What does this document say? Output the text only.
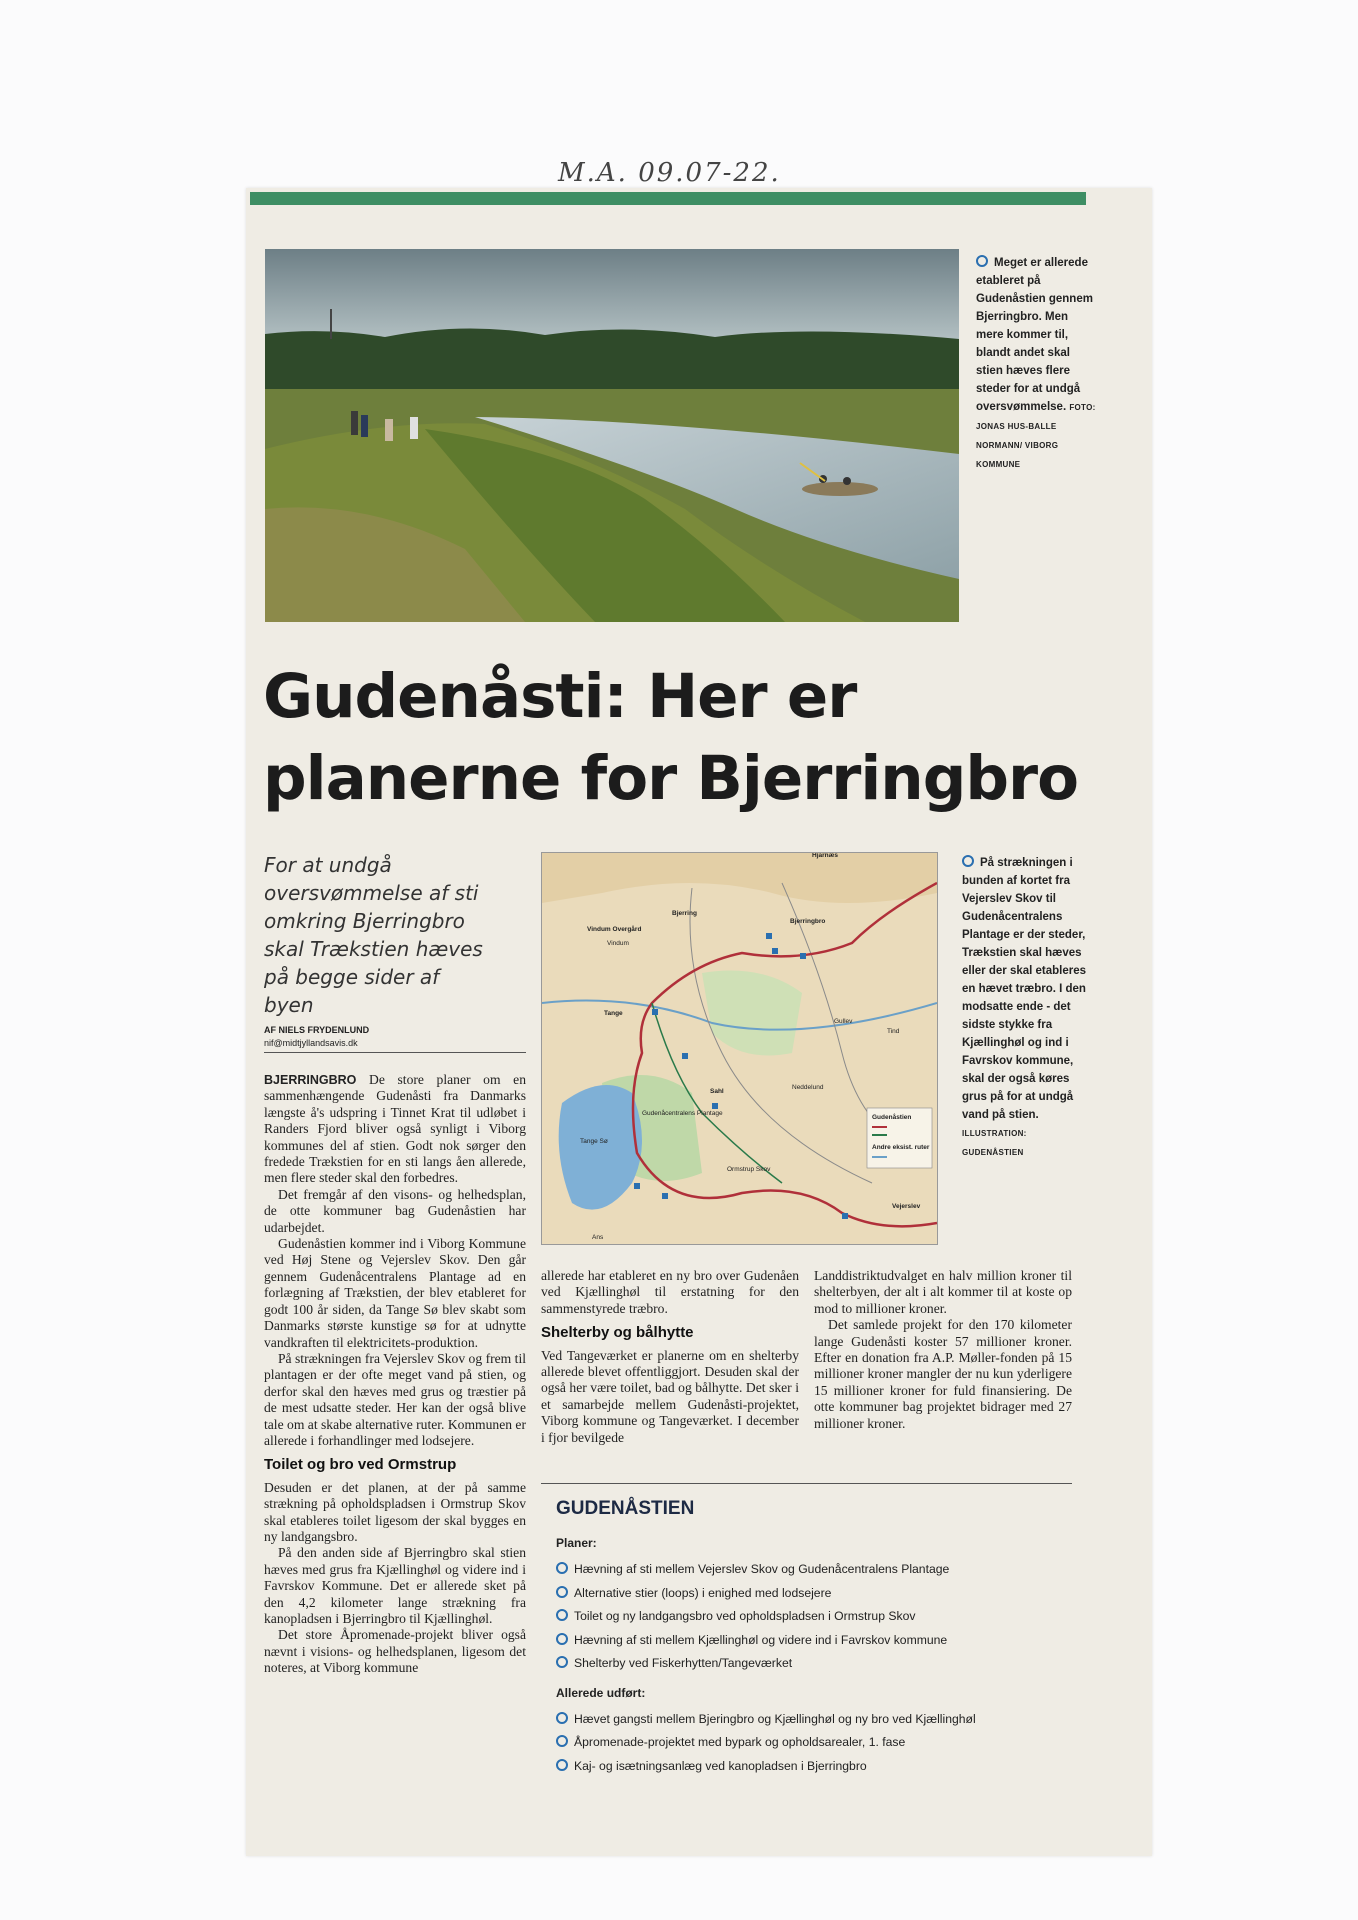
M.A. 09.07-22.
Meget er allerede etableret på Gudenåstien gennem Bjerringbro. Men mere kommer til, blandt andet skal stien hæves flere steder for at undgå oversvømmelse. FOTO: JONAS HUS-BALLE NORMANN/ VIBORG KOMMUNE
Gudenåsti: Her er
planerne for Bjerringbro
For at undgå oversvømmelse af sti omkring Bjerringbro skal Trækstien hæves på begge sider af byen
AF NIELS FRYDENLUND
nif@midtjyllandsavis.dk

BJERRINGBRO De store planer om en sammenhængende Gudenåsti fra Danmarks længste å's udspring i Tinnet Krat til udløbet i Randers Fjord bliver også synligt i Viborg kommunes del af stien. Godt nok sørger den fredede Trækstien for en sti langs åen allerede, men flere steder skal den forbedres.

Det fremgår af den visons- og helhedsplan, de otte kommuner bag Gudenåstien har udarbejdet.

Gudenåstien kommer ind i Viborg Kommune ved Høj Stene og Vejerslev Skov. Den går gennem Gudenåcentralens Plantage ad en forlægning af Trækstien, der blev etableret for godt 100 år siden, da Tange Sø blev skabt som Danmarks største kunstige sø for at udnytte vandkraften til elektricitets-produktion.

På strækningen fra Vejerslev Skov og frem til plantagen er der ofte meget vand på stien, og derfor skal den hæves med grus og træstier på de mest udsatte steder. Her kan der også blive tale om at skabe alternative ruter. Kommunen er allerede i forhandlinger med lodsejere.

Toilet og bro ved Ormstrup

Desuden er det planen, at der på samme strækning på opholdspladsen i Ormstrup Skov skal etableres toilet ligesom der skal bygges en ny landgangsbro.

På den anden side af Bjerringbro skal stien hæves med grus fra Kjællinghøl og videre ind i Favrskov Kommune. Det er allerede sket på den 4,2 kilometer lange strækning fra kanopladsen i Bjerringbro til Kjællinghøl.

Det store Åpromenade-projekt bliver også nævnt i visions- og helhedsplanen, ligesom det noteres, at Viborg kommune

Gudenåstien
Andre eksist. ruter
Hjarnæs
Vindum Overgård
Vindum
Bjerring
Bjerringbro
Tange
Gullev
Tind
Sahl
Neddelund
Vejerslev
Ans
Ormstrup Skov
Gudenåcentralens Plantage
Tange Sø
På strækningen i bunden af kortet fra Vejerslev Skov til Gudenåcentralens Plantage er der steder, Trækstien skal hæves eller der skal etableres en hævet træbro. I den modsatte ende - det sidste stykke fra Kjællinghøl og ind i Favrskov kommune, skal der også køres grus på for at undgå vand på stien. ILLUSTRATION: GUDENÅSTIEN

allerede har etableret en ny bro over Gudenåen ved Kjællinghøl til erstatning for den sammenstyrede træbro.

Shelterby og bålhytte

Ved Tangeværket er planerne om en shelterby allerede blevet offentliggjort. Desuden skal der også her være toilet, bad og bålhytte. Det sker i et samarbejde mellem Gudenåsti-projektet, Viborg kommune og Tangeværket. I december i fjor bevilgede

Landdistriktudvalget en halv million kroner til shelterbyen, der alt i alt kommer til at koste op mod to millioner kroner.

Det samlede projekt for den 170 kilometer lange Gudenåsti koster 57 millioner kroner. Efter en donation fra A.P. Møller-fonden på 15 millioner kroner mangler der nu kun yderligere 15 millioner kroner for fuld finansiering. De otte kommuner bag projektet bidrager med 27 millioner kroner.

GUDENÅSTIEN
Planer:
Hævning af sti mellem Vejerslev Skov og Gudenåcentralens Plantage
Alternative stier (loops) i enighed med lodsejere
Toilet og ny landgangsbro ved opholdspladsen i Ormstrup Skov
Hævning af sti mellem Kjællinghøl og videre ind i Favrskov kommune
Shelterby ved Fiskerhytten/Tangeværket
Allerede udført:
Hævet gangsti mellem Bjeringbro og Kjællinghøl og ny bro ved Kjællinghøl
Åpromenade-projektet med bypark og opholdsarealer, 1. fase
Kaj- og isætningsanlæg ved kanopladsen i Bjerringbro
